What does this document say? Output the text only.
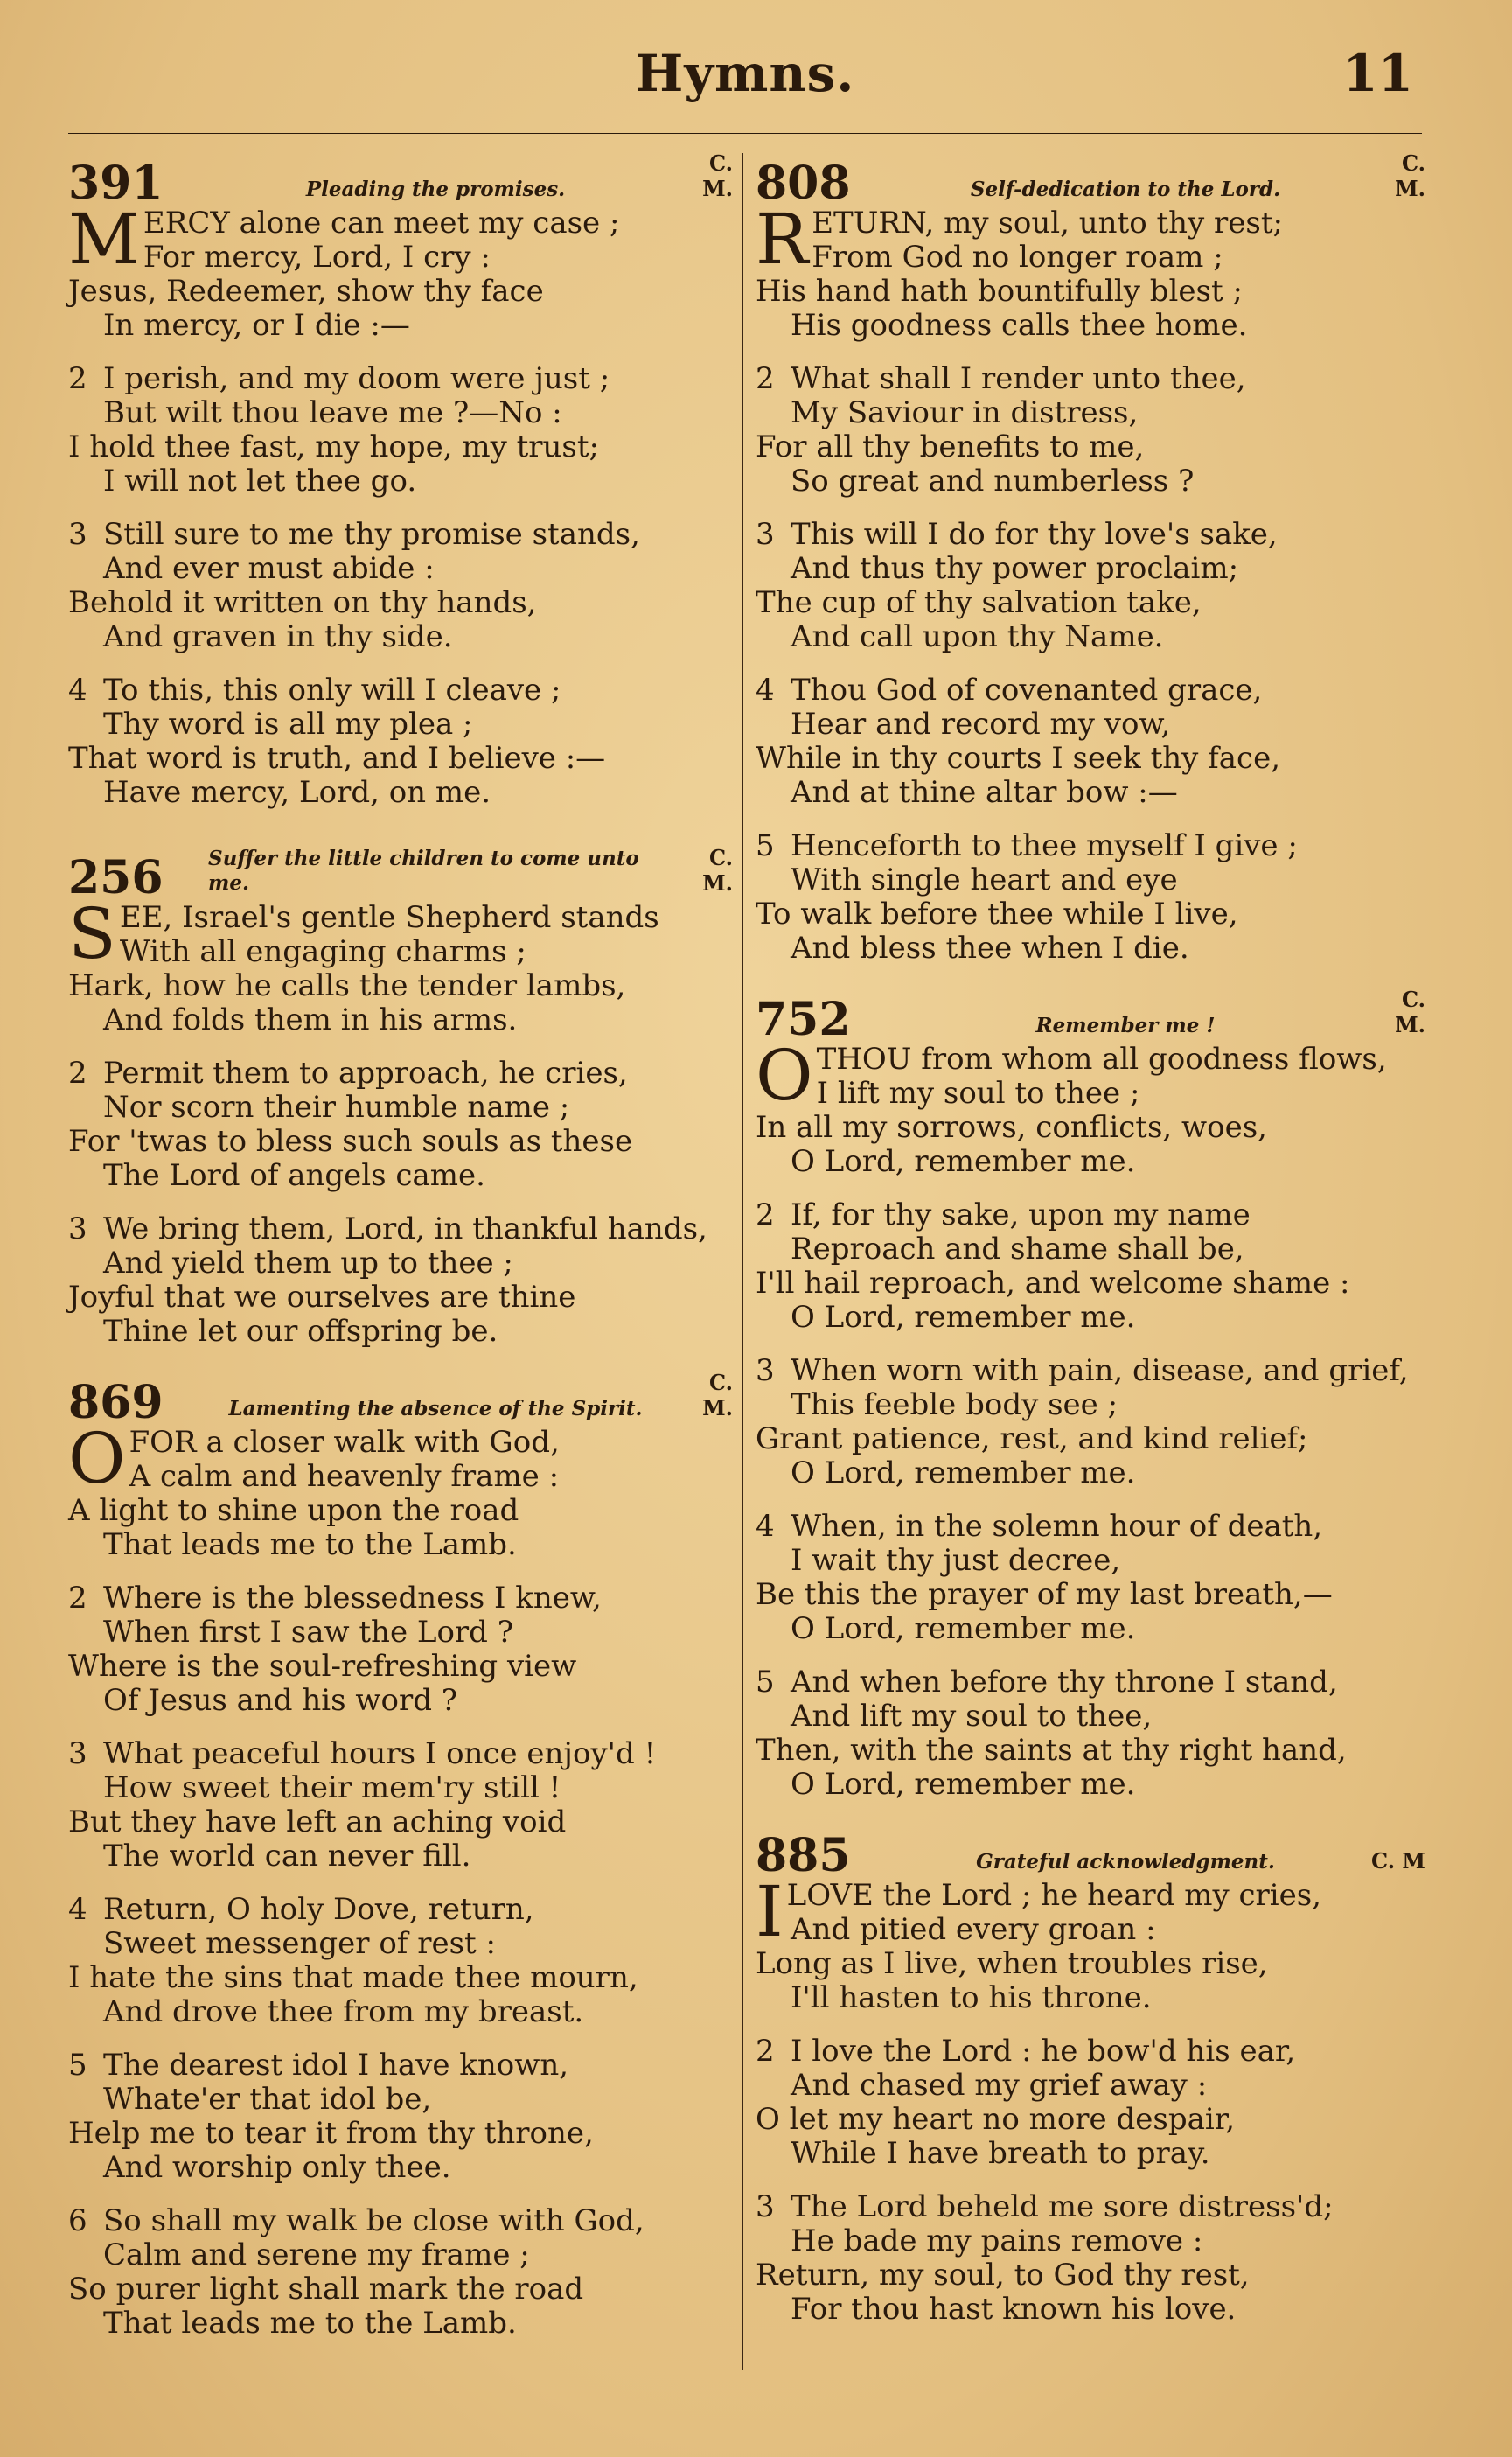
Hymns.	11
391	Pleading the promises.
C. M.
M ERCY alone can meet my case ;
For mercy, Lord, I cry :
Jesus, Redeemer, show thy face
In mercy, or I die :—
2 I perish, and my doom were just ;
But wilt thou leave me ?—No :
I hold thee fast, my hope, my trust;
I will not let thee go.
3 Still sure to me thy promise stands,
And ever must abide :
Behold it written on thy hands,
And graven in thy side.
4 To this, this only will I cleave ;
Thy word is all my plea ;
That word is truth, and I believe :—
Have mercy, Lord, on me.
256	Suffer the little children to come unto me.
C. M.
S EE, Israel's gentle Shepherd stands
With all engaging charms ;
Hark, how he calls the tender lambs,
And folds them in his arms.
2 Permit them to approach, he cries,
Nor scorn their humble name ;
For 'twas to bless such souls as these
The Lord of angels came.
3 We bring them, Lord, in thankful hands,
And yield them up to thee ;
Joyful that we ourselves are thine
Thine let our offspring be.
869	Lamenting the absence of the Spirit.
C. M.
O FOR a closer walk with God,
A calm and heavenly frame :
A light to shine upon the road
That leads me to the Lamb.
2 Where is the blessedness I knew,
When first I saw the Lord ?
Where is the soul-refreshing view
Of Jesus and his word ?
3 What peaceful hours I once enjoy'd !
How sweet their mem'ry still !
But they have left an aching void
The world can never fill.
4 Return, O holy Dove, return,
Sweet messenger of rest :
I hate the sins that made thee mourn,
And drove thee from my breast.
5 The dearest idol I have known,
Whate'er that idol be,
Help me to tear it from thy throne,
And worship only thee.
6 So shall my walk be close with God,
Calm and serene my frame ;
So purer light shall mark the road
That leads me to the Lamb.
808	Self-dedication to the Lord.
C. M.
R ETURN, my soul, unto thy rest;
From God no longer roam ;
His hand hath bountifully blest ;
His goodness calls thee home.
2 What shall I render unto thee,
My Saviour in distress,
For all thy benefits to me,
So great and numberless ?
3 This will I do for thy love's sake,
And thus thy power proclaim;
The cup of thy salvation take,
And call upon thy Name.
4 Thou God of covenanted grace,
Hear and record my vow,
While in thy courts I seek thy face,
And at thine altar bow :—
5 Henceforth to thee myself I give ;
With single heart and eye
To walk before thee while I live,
And bless thee when I die.
752	Remember me !
C. M.
O THOU from whom all goodness flows,
I lift my soul to thee ;
In all my sorrows, conflicts, woes,
O Lord, remember me.
2 If, for thy sake, upon my name
Reproach and shame shall be,
I'll hail reproach, and welcome shame :
O Lord, remember me.
3 When worn with pain, disease, and grief,
This feeble body see ;
Grant patience, rest, and kind relief;
O Lord, remember me.
4 When, in the solemn hour of death,
I wait thy just decree,
Be this the prayer of my last breath,—
O Lord, remember me.
5 And when before thy throne I stand,
And lift my soul to thee,
Then, with the saints at thy right hand,
O Lord, remember me.
885	Grateful acknowledgment.	C. M
I LOVE the Lord ; he heard my cries,
And pitied every groan :
Long as I live, when troubles rise,
I'll hasten to his throne.
2 I love the Lord : he bow'd his ear,
And chased my grief away :
O let my heart no more despair,
While I have breath to pray.
3 The Lord beheld me sore distress'd;
He bade my pains remove :
Return, my soul, to God thy rest,
For thou hast known his love.
